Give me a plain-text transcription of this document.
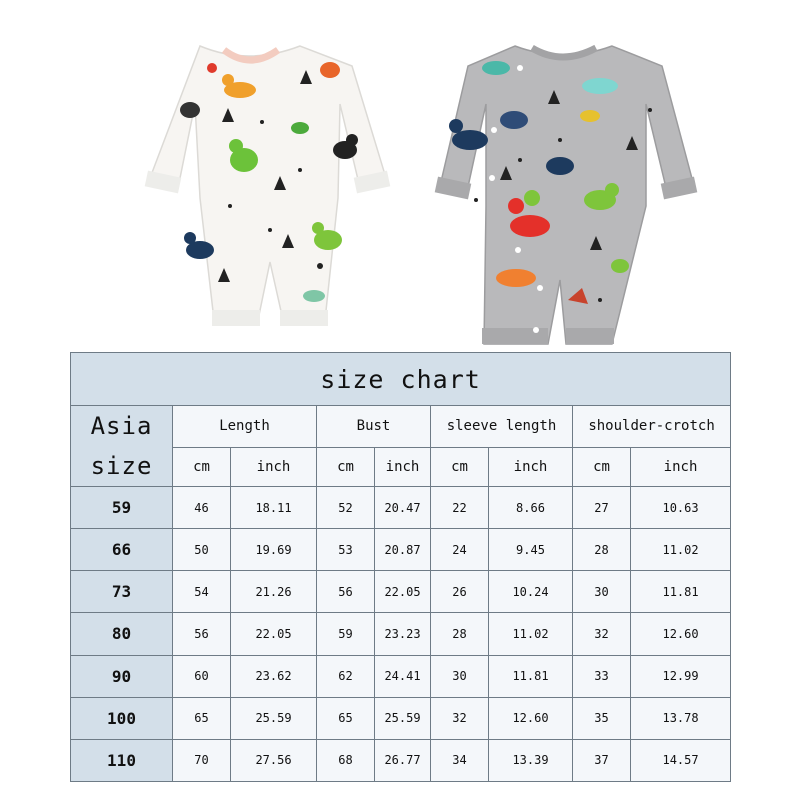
size chart								
Asia
size	Length		Bust		sleeve length		shoulder-crotch	
	cm	inch	cm	inch	cm	inch	cm	inch
59	46	18.11	52	20.47	22	8.66	27	10.63
66	50	19.69	53	20.87	24	9.45	28	11.02
73	54	21.26	56	22.05	26	10.24	30	11.81
80	56	22.05	59	23.23	28	11.02	32	12.60
90	60	23.62	62	24.41	30	11.81	33	12.99
100	65	25.59	65	25.59	32	12.60	35	13.78
110	70	27.56	68	26.77	34	13.39	37	14.57
